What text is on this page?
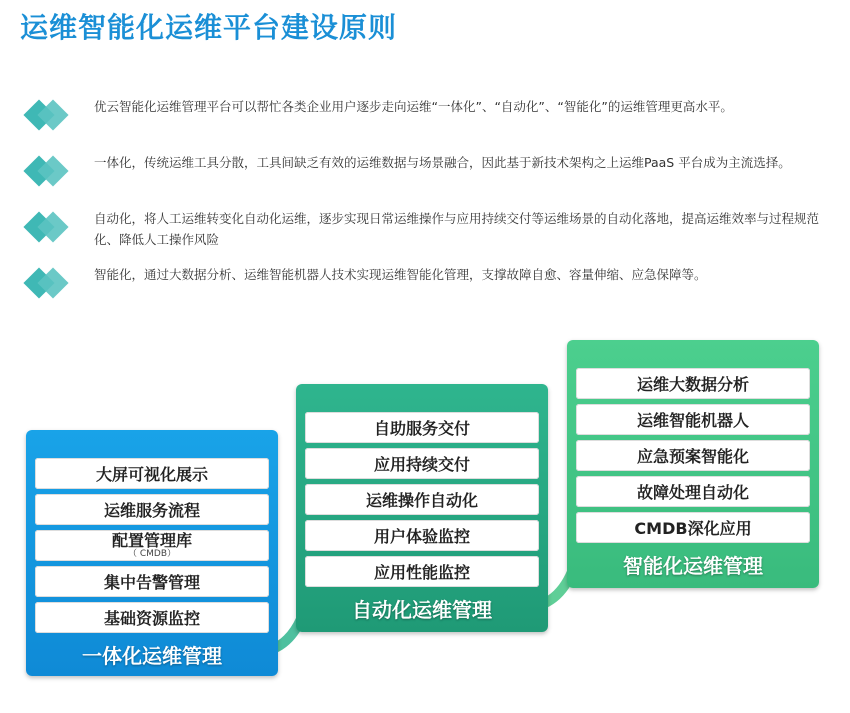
运维智能化运维平台建设原则
优云智能化运维管理平台可以帮忙各类企业用户逐步走向运维“一体化”、“自动化”、“智能化”的运维管理更高水平。
一体化，传统运维工具分散，工具间缺乏有效的运维数据与场景融合，因此基于新技术架构之上运维PaaS 平台成为主流选择。
自动化，将人工运维转变化自动化运维，逐步实现日常运维操作与应用持续交付等运维场景的自动化落地，提高运维效率与过程规范化、降低人工操作风险
智能化，通过大数据分析、运维智能机器人技术实现运维智能化管理，支撑故障自愈、容量伸缩、应急保障等。
大屏可视化展示
运维服务流程
配置管理库
（ CMDB）
集中告警管理
基础资源监控
一体化运维管理
自助服务交付
应用持续交付
运维操作自动化
用户体验监控
应用性能监控
自动化运维管理
运维大数据分析
运维智能机器人
应急预案智能化
故障处理自动化
CMDB深化应用
智能化运维管理
